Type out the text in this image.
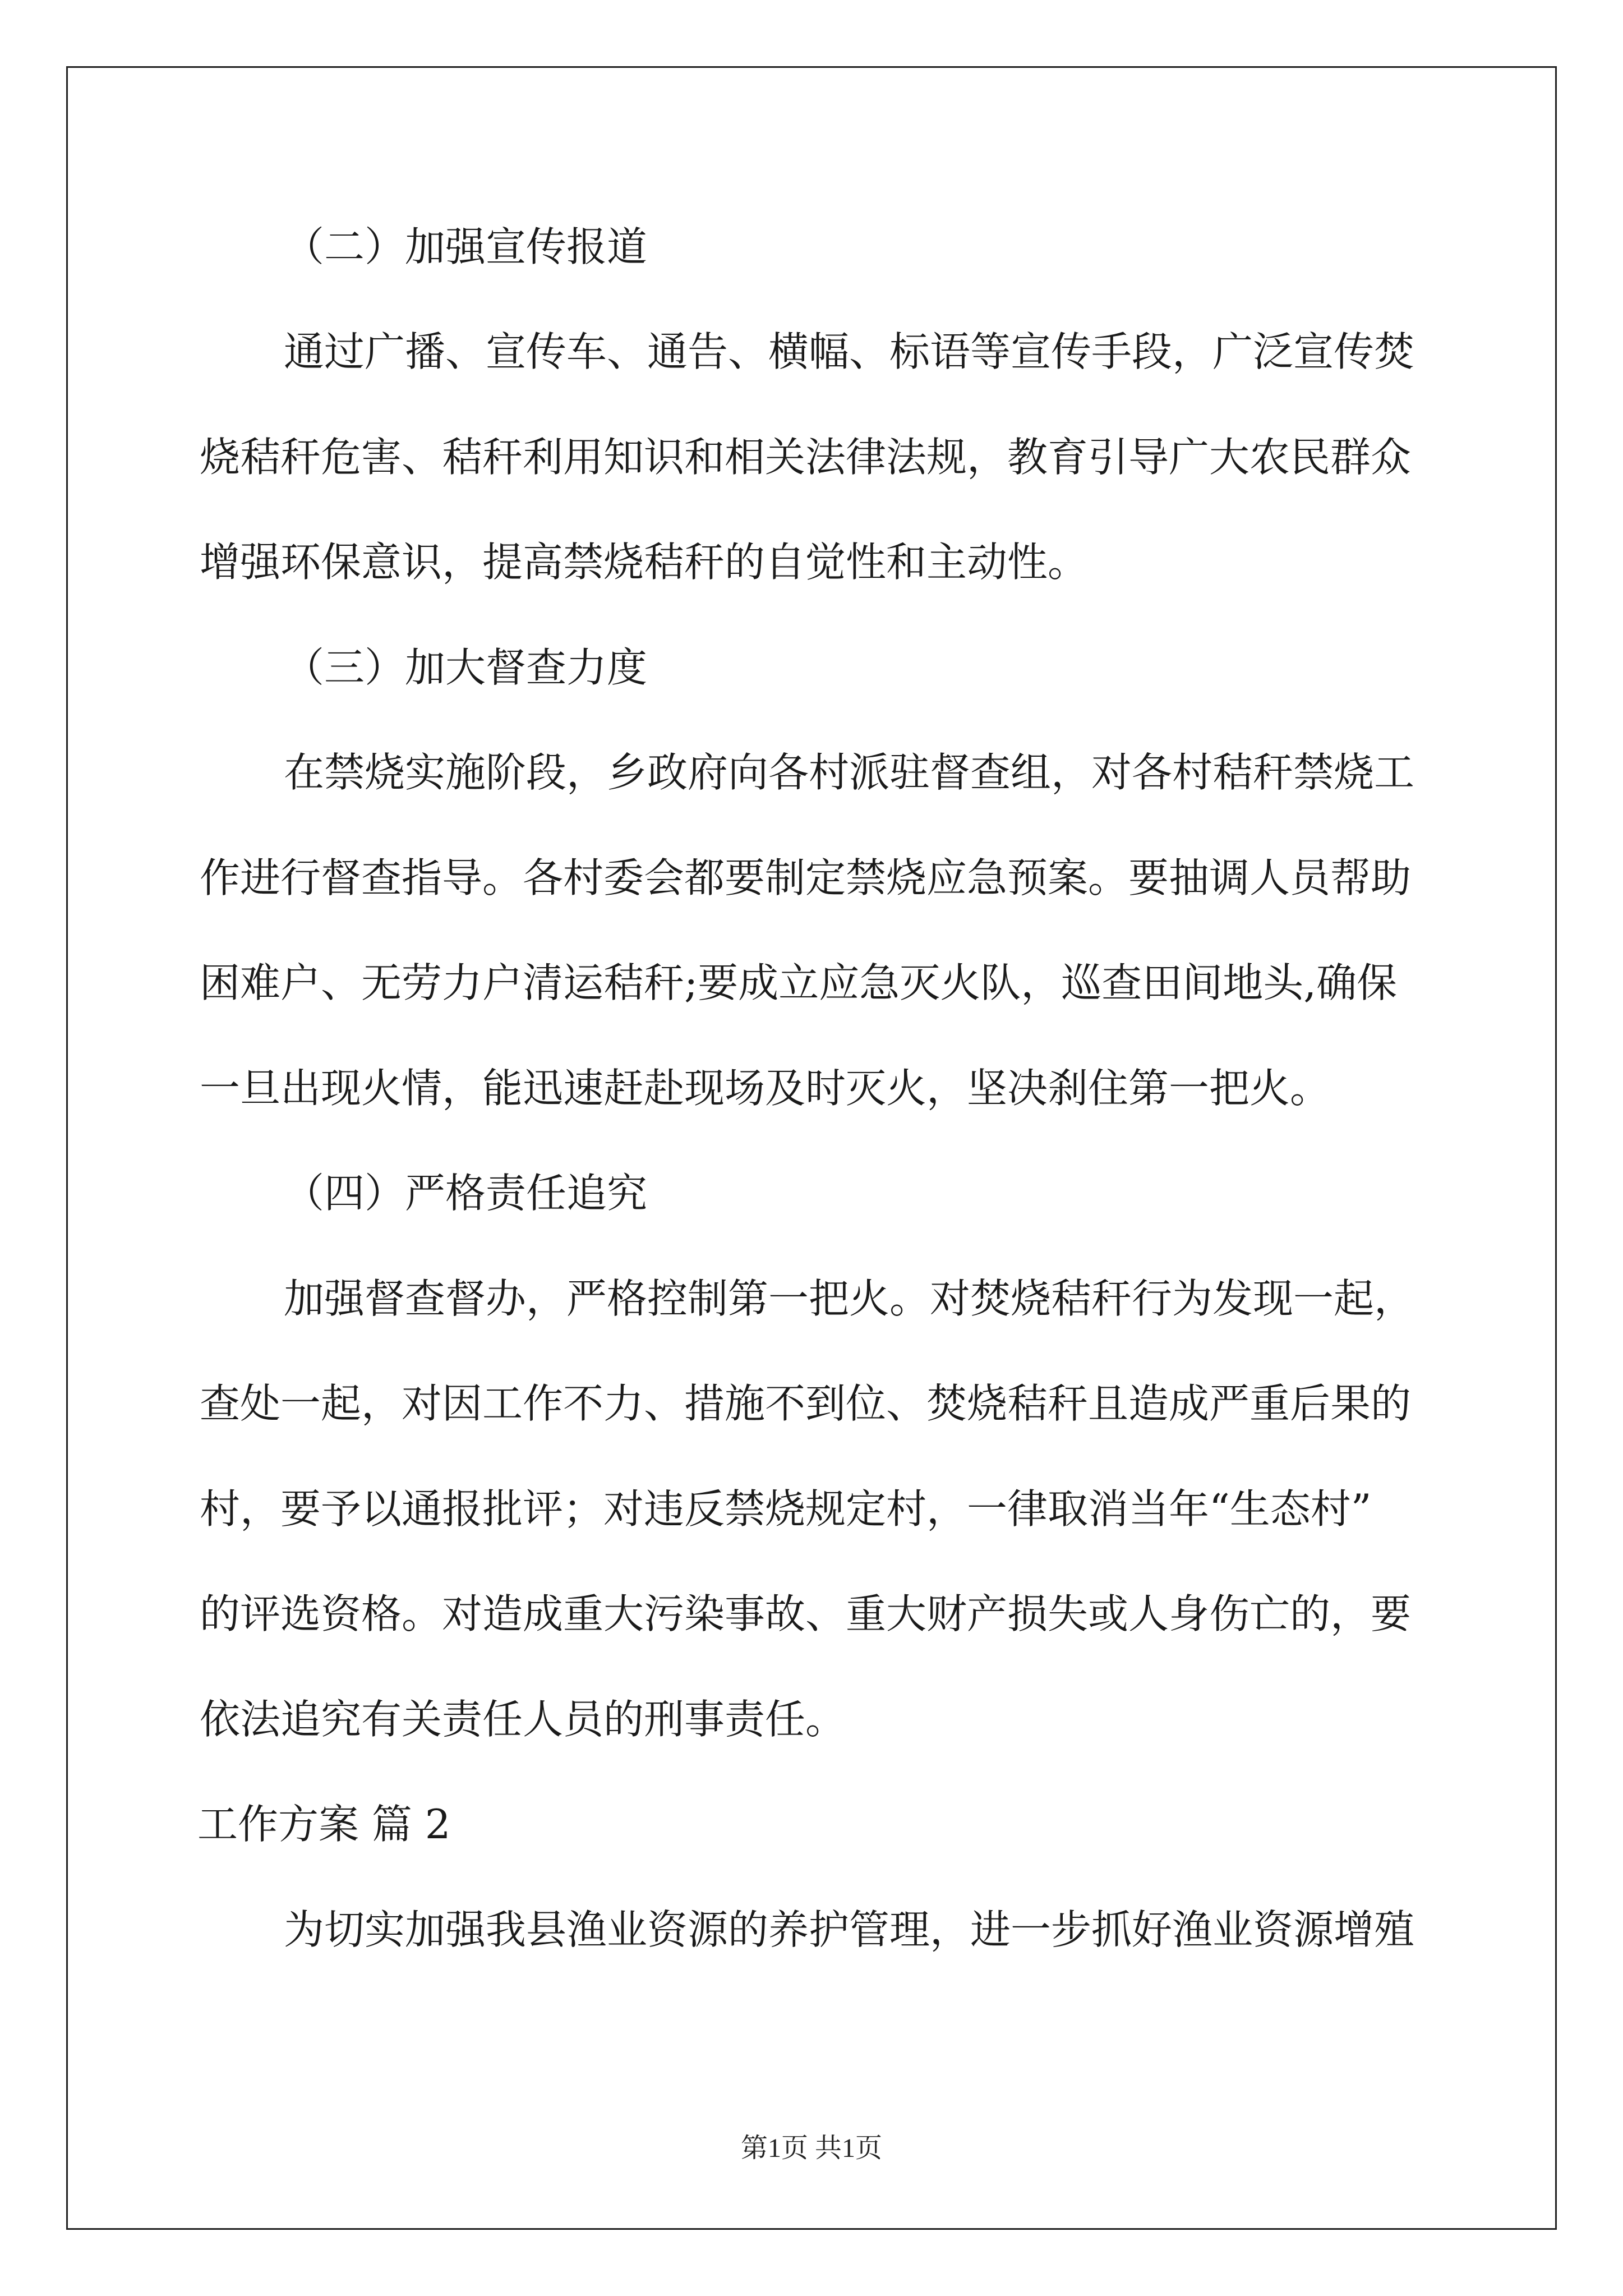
（二）加强宣传报道
通过广播、宣传车、通告、横幅、标语等宣传手段，广泛宣传焚
烧秸秆危害、秸秆利用知识和相关法律法规，教育引导广大农民群众
增强环保意识，提高禁烧秸秆的自觉性和主动性。
（三）加大督查力度
在禁烧实施阶段，乡政府向各村派驻督查组，对各村秸秆禁烧工
作进行督查指导。各村委会都要制定禁烧应急预案。要抽调人员帮助
困难户、无劳力户清运秸秆;要成立应急灭火队，巡查田间地头,确保
一旦出现火情，能迅速赶赴现场及时灭火，坚决刹住第一把火。
（四）严格责任追究
加强督查督办，严格控制第一把火。对焚烧秸秆行为发现一起，
查处一起，对因工作不力、措施不到位、焚烧秸秆且造成严重后果的
村，要予以通报批评；对违反禁烧规定村，一律取消当年“生态村”
的评选资格。对造成重大污染事故、重大财产损失或人身伤亡的，要
依法追究有关责任人员的刑事责任。
工作方案 篇 2
为切实加强我县渔业资源的养护管理，进一步抓好渔业资源增殖
第1页 共1页
